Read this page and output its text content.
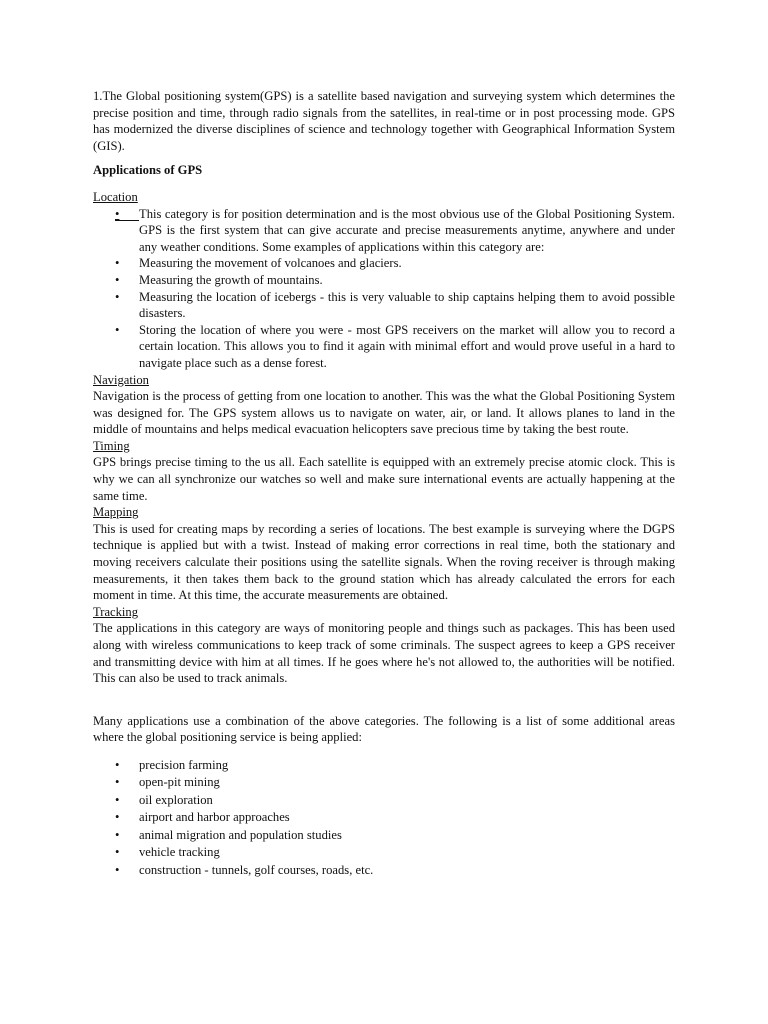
1.The Global positioning system(GPS) is a satellite based navigation and surveying system which determines the precise position and time, through radio signals from the satellites, in real-time or in post processing mode. GPS has modernized the diverse disciplines of science and technology together with Geographical Information System (GIS).

Applications of GPS

Location

• This category is for position determination and is the most obvious use of the Global Positioning System. GPS is the first system that can give accurate and precise measurements anytime, anywhere and under any weather conditions. Some examples of applications within this category are:
• Measuring the movement of volcanoes and glaciers.
• Measuring the growth of mountains.
• Measuring the location of icebergs - this is very valuable to ship captains helping them to avoid possible disasters.
• Storing the location of where you were - most GPS receivers on the market will allow you to record a certain location. This allows you to find it again with minimal effort and would prove useful in a hard to navigate place such as a dense forest.

Navigation

Navigation is the process of getting from one location to another. This was the what the Global Positioning System was designed for. The GPS system allows us to navigate on water, air, or land. It allows planes to land in the middle of mountains and helps medical evacuation helicopters save precious time by taking the best route.

Timing

GPS brings precise timing to the us all. Each satellite is equipped with an extremely precise atomic clock. This is why we can all synchronize our watches so well and make sure international events are actually happening at the same time.

Mapping

This is used for creating maps by recording a series of locations. The best example is surveying where the DGPS technique is applied but with a twist. Instead of making error corrections in real time, both the stationary and moving receivers calculate their positions using the satellite signals. When the roving receiver is through making measurements, it then takes them back to the ground station which has already calculated the errors for each moment in time. At this time, the accurate measurements are obtained.

Tracking

The applications in this category are ways of monitoring people and things such as packages. This has been used along with wireless communications to keep track of some criminals. The suspect agrees to keep a GPS receiver and transmitting device with him at all times. If he goes where he's not allowed to, the authorities will be notified. This can also be used to track animals.

Many applications use a combination of the above categories. The following is a list of some additional areas where the global positioning service is being applied:

• precision farming
• open-pit mining
• oil exploration
• airport and harbor approaches
• animal migration and population studies
• vehicle tracking
• construction - tunnels, golf courses, roads, etc.
